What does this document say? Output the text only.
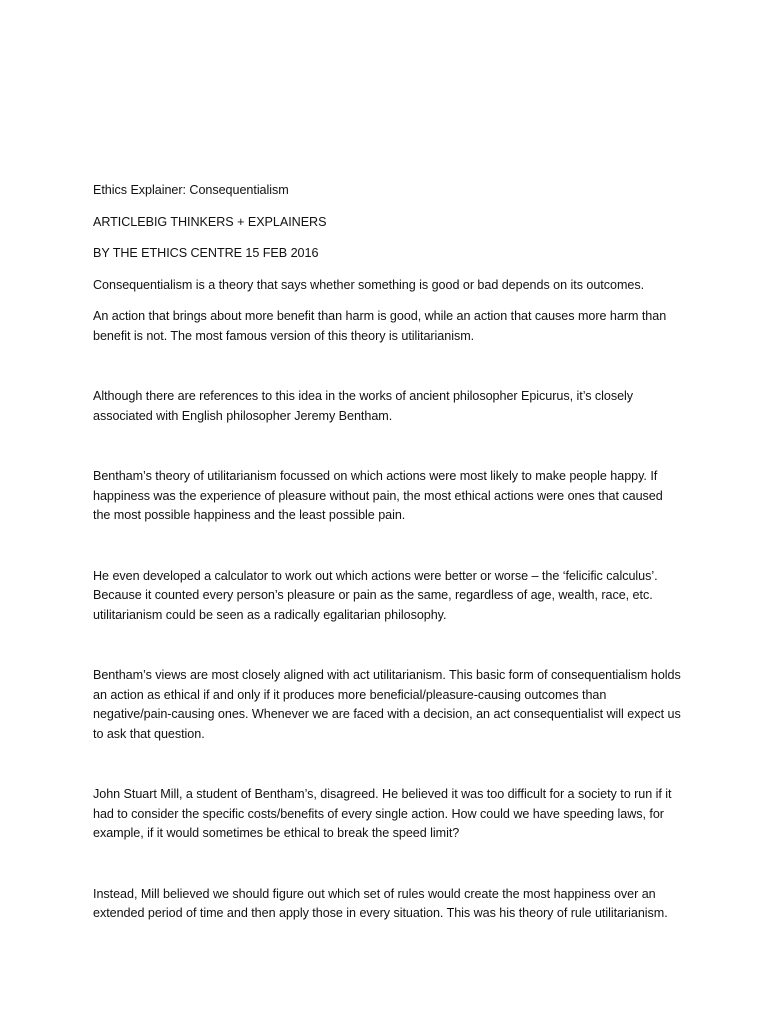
Ethics Explainer: Consequentialism

ARTICLEBIG THINKERS + EXPLAINERS

BY THE ETHICS CENTRE 15 FEB 2016

Consequentialism is a theory that says whether something is good or bad depends on its outcomes.

An action that brings about more benefit than harm is good, while an action that causes more harm than benefit is not. The most famous version of this theory is utilitarianism.

Although there are references to this idea in the works of ancient philosopher Epicurus, it’s closely associated with English philosopher Jeremy Bentham.

Bentham’s theory of utilitarianism focussed on which actions were most likely to make people happy. If happiness was the experience of pleasure without pain, the most ethical actions were ones that caused the most possible happiness and the least possible pain.

He even developed a calculator to work out which actions were better or worse – the ‘felicific calculus’. Because it counted every person’s pleasure or pain as the same, regardless of age, wealth, race, etc. utilitarianism could be seen as a radically egalitarian philosophy.

Bentham’s views are most closely aligned with act utilitarianism. This basic form of consequentialism holds an action as ethical if and only if it produces more beneficial/pleasure-causing outcomes than negative/pain-causing ones. Whenever we are faced with a decision, an act consequentialist will expect us to ask that question.

John Stuart Mill, a student of Bentham’s, disagreed. He believed it was too difficult for a society to run if it had to consider the specific costs/benefits of every single action. How could we have speeding laws, for example, if it would sometimes be ethical to break the speed limit?

Instead, Mill believed we should figure out which set of rules would create the most happiness over an extended period of time and then apply those in every situation. This was his theory of rule utilitarianism.
